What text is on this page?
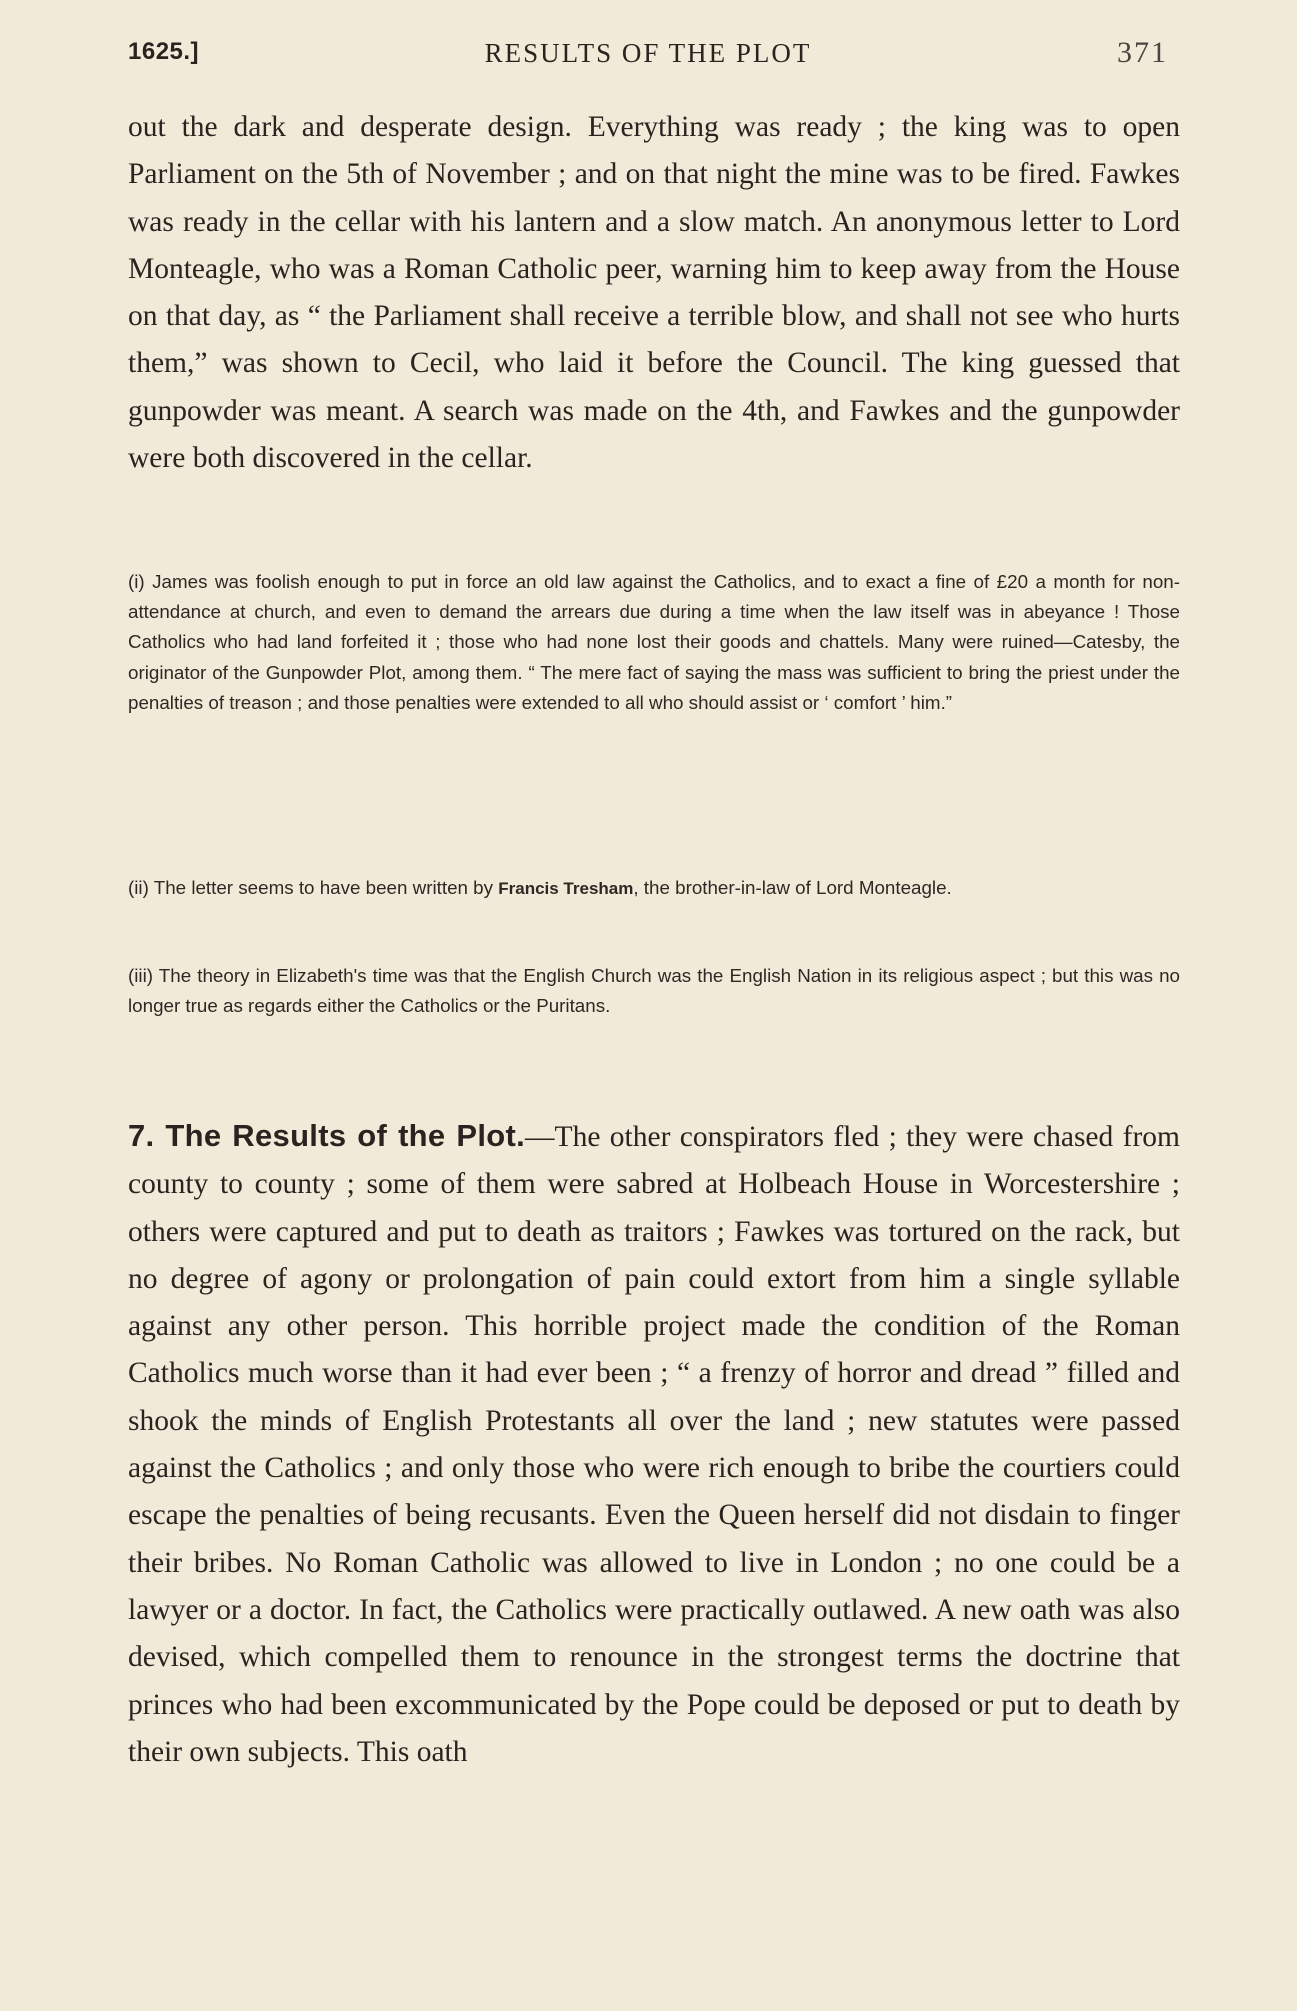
1625.]	RESULTS OF THE PLOT	371

out the dark and desperate design. Everything was ready ; the king was to open Parliament on the 5th of November ; and on that night the mine was to be fired. Fawkes was ready in the cellar with his lantern and a slow match. An anonymous letter to Lord Monteagle, who was a Roman Catholic peer, warning him to keep away from the House on that day, as “ the Parliament shall receive a terrible blow, and shall not see who hurts them,” was shown to Cecil, who laid it before the Council. The king guessed that gunpowder was meant. A search was made on the 4th, and Fawkes and the gunpowder were both discovered in the cellar.

(i) James was foolish enough to put in force an old law against the Catholics, and to exact a fine of £20 a month for non-attendance at church, and even to demand the arrears due during a time when the law itself was in abeyance ! Those Catholics who had land forfeited it ; those who had none lost their goods and chattels. Many were ruined—Catesby, the originator of the Gunpowder Plot, among them. “ The mere fact of saying the mass was sufficient to bring the priest under the penalties of treason ; and those penalties were extended to all who should assist or ‘ comfort ’ him.”

(ii) The letter seems to have been written by Francis Tresham, the brother-in-law of Lord Monteagle.

(iii) The theory in Elizabeth's time was that the English Church was the English Nation in its religious aspect ; but this was no longer true as regards either the Catholics or the Puritans.

7. The Results of the Plot.—The other conspirators fled ; they were chased from county to county ; some of them were sabred at Holbeach House in Worcestershire ; others were captured and put to death as traitors ; Fawkes was tortured on the rack, but no degree of agony or prolongation of pain could extort from him a single syllable against any other person. This horrible project made the condition of the Roman Catholics much worse than it had ever been ; “ a frenzy of horror and dread ” filled and shook the minds of English Protestants all over the land ; new statutes were passed against the Catholics ; and only those who were rich enough to bribe the courtiers could escape the penalties of being recusants. Even the Queen herself did not disdain to finger their bribes. No Roman Catholic was allowed to live in London ; no one could be a lawyer or a doctor. In fact, the Catholics were practically outlawed. A new oath was also devised, which compelled them to renounce in the strongest terms the doctrine that princes who had been excommunicated by the Pope could be deposed or put to death by their own subjects. This oath
